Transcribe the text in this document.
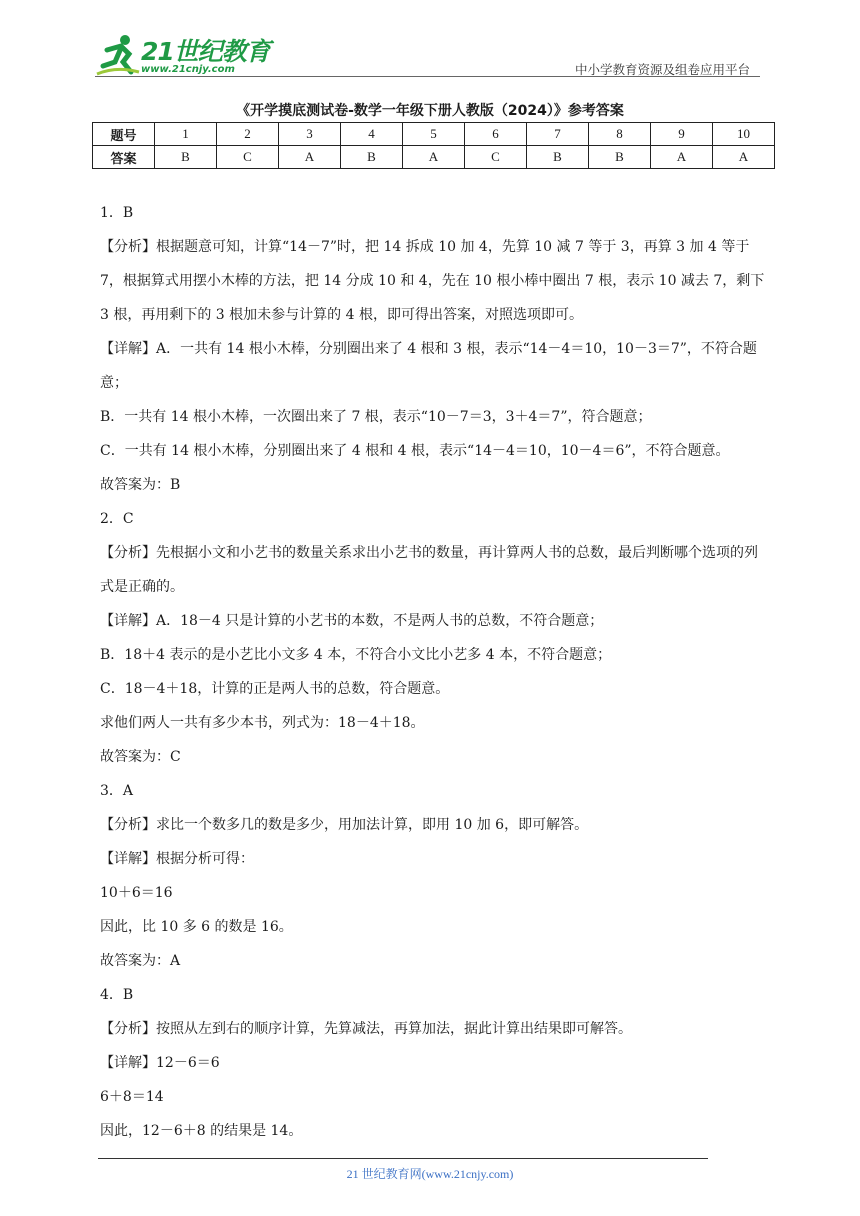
21世纪教育
www.21cnjy.com	中小学教育资源及组卷应用平台
《开学摸底测试卷-数学一年级下册人教版（2024）》参考答案
题号	1	2	3	4	5	6	7	8	9	10
答案	B	C	A	B	A	C	B	B	A	A
1．B
【分析】根据题意可知，计算“14－7”时，把 14 拆成 10 加 4，先算 10 减 7 等于 3，再算 3 加 4 等于 7，根据算式用摆小木棒的方法，把 14 分成 10 和 4，先在 10 根小棒中圈出 7 根，表示 10 减去 7，剩下 3 根，再用剩下的 3 根加未参与计算的 4 根，即可得出答案，对照选项即可。
【详解】A．一共有 14 根小木棒，分别圈出来了 4 根和 3 根，表示“14－4＝10，10－3＝7”，不符合题意；
B．一共有 14 根小木棒，一次圈出来了 7 根，表示“10－7＝3，3＋4＝7”，符合题意；
C．一共有 14 根小木棒，分别圈出来了 4 根和 4 根，表示“14－4＝10，10－4＝6”，不符合题意。
故答案为：B
2．C
【分析】先根据小文和小艺书的数量关系求出小艺书的数量，再计算两人书的总数，最后判断哪个选项的列式是正确的。
【详解】A．18－4 只是计算的小艺书的本数，不是两人书的总数，不符合题意；
B．18＋4 表示的是小艺比小文多 4 本，不符合小文比小艺多 4 本，不符合题意；
C．18－4＋18，计算的正是两人书的总数，符合题意。
求他们两人一共有多少本书，列式为：18－4＋18。
故答案为：C
3．A
【分析】求比一个数多几的数是多少，用加法计算，即用 10 加 6，即可解答。
【详解】根据分析可得：
10＋6＝16
因此，比 10 多 6 的数是 16。
故答案为：A
4．B
【分析】按照从左到右的顺序计算，先算减法，再算加法，据此计算出结果即可解答。
【详解】12－6＝6
6＋8＝14
因此，12－6＋8 的结果是 14。
21 世纪教育网(www.21cnjy.com)
